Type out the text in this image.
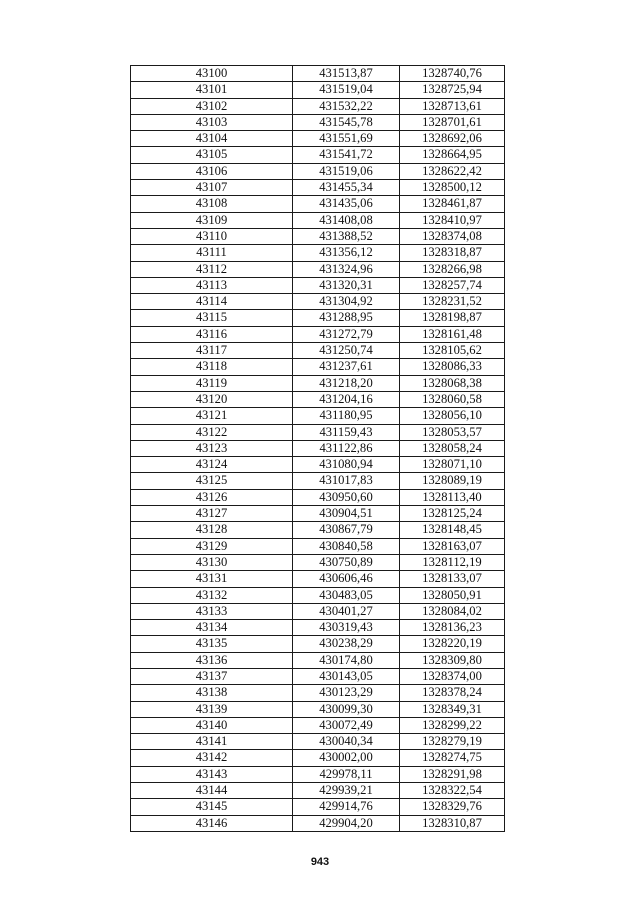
43100	431513,87	1328740,76
43101	431519,04	1328725,94
43102	431532,22	1328713,61
43103	431545,78	1328701,61
43104	431551,69	1328692,06
43105	431541,72	1328664,95
43106	431519,06	1328622,42
43107	431455,34	1328500,12
43108	431435,06	1328461,87
43109	431408,08	1328410,97
43110	431388,52	1328374,08
43111	431356,12	1328318,87
43112	431324,96	1328266,98
43113	431320,31	1328257,74
43114	431304,92	1328231,52
43115	431288,95	1328198,87
43116	431272,79	1328161,48
43117	431250,74	1328105,62
43118	431237,61	1328086,33
43119	431218,20	1328068,38
43120	431204,16	1328060,58
43121	431180,95	1328056,10
43122	431159,43	1328053,57
43123	431122,86	1328058,24
43124	431080,94	1328071,10
43125	431017,83	1328089,19
43126	430950,60	1328113,40
43127	430904,51	1328125,24
43128	430867,79	1328148,45
43129	430840,58	1328163,07
43130	430750,89	1328112,19
43131	430606,46	1328133,07
43132	430483,05	1328050,91
43133	430401,27	1328084,02
43134	430319,43	1328136,23
43135	430238,29	1328220,19
43136	430174,80	1328309,80
43137	430143,05	1328374,00
43138	430123,29	1328378,24
43139	430099,30	1328349,31
43140	430072,49	1328299,22
43141	430040,34	1328279,19
43142	430002,00	1328274,75
43143	429978,11	1328291,98
43144	429939,21	1328322,54
43145	429914,76	1328329,76
43146	429904,20	1328310,87
943
